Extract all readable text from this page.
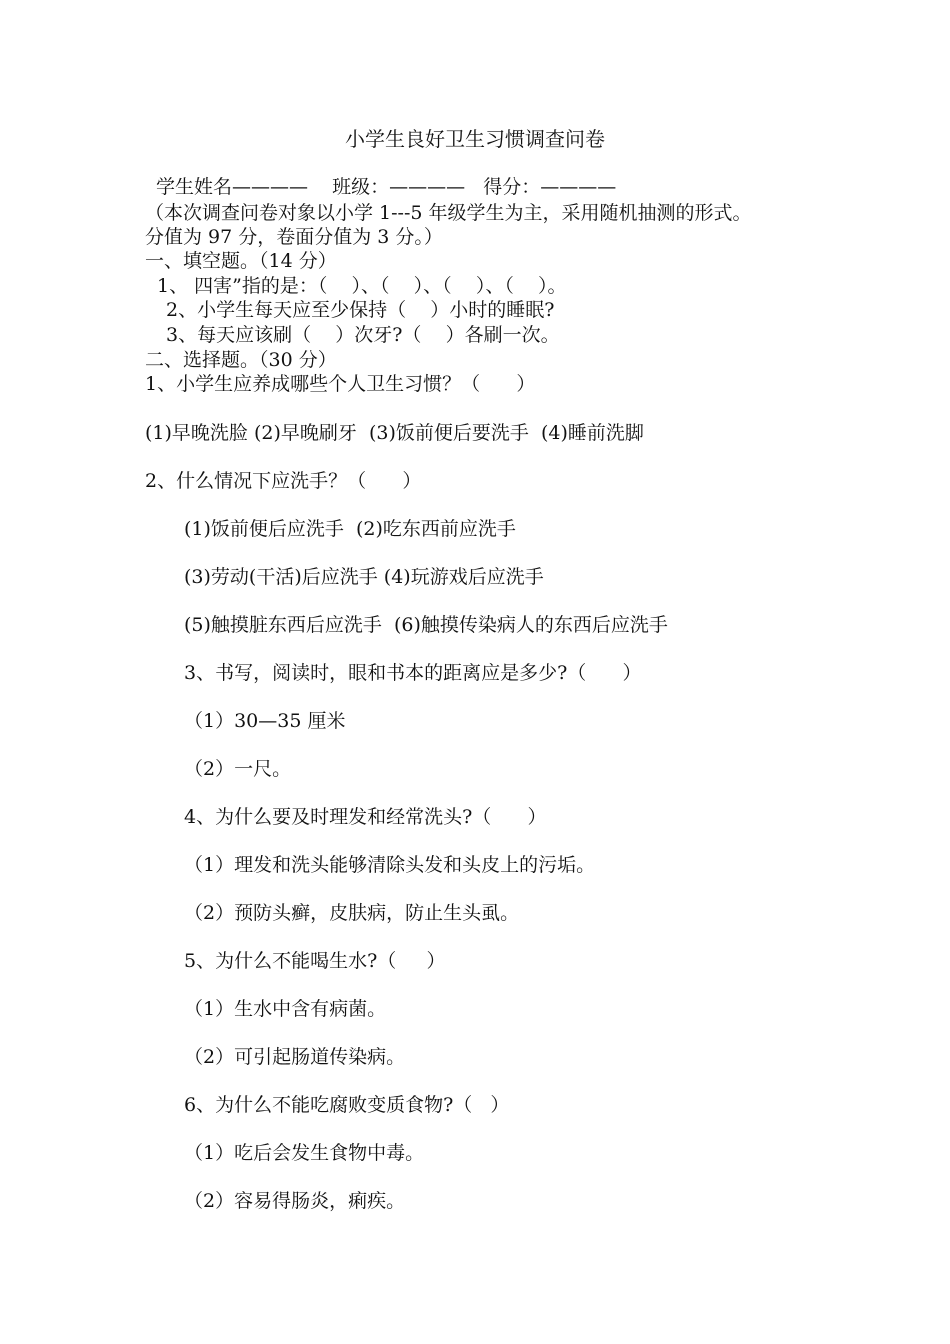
小学生良好卫生习惯调查问卷
学生姓名————    班级：————   得分：————
（本次调查问卷对象以小学 1---5 年级学生为主，采用随机抽测的形式。
分值为 97 分，卷面分值为 3 分。）
一、填空题。（14 分）
1、 四害”指的是：（    ）、（    ）、（    ）、（    ）。
2、小学生每天应至少保持（    ）小时的睡眠?
3、每天应该刷（    ）次牙?（    ）各刷一次。
二、选择题。（30 分）
1、小学生应养成哪些个人卫生习惯？（      ）
(1)早晚洗脸 (2)早晚刷牙  (3)饭前便后要洗手  (4)睡前洗脚
2、什么情况下应洗手？（      ）
(1)饭前便后应洗手  (2)吃东西前应洗手
(3)劳动(干活)后应洗手 (4)玩游戏后应洗手
(5)触摸脏东西后应洗手  (6)触摸传染病人的东西后应洗手
3、书写，阅读时，眼和书本的距离应是多少?（      ）
（1）30—35 厘米
（2）一尺。
4、为什么要及时理发和经常洗头?（      ）
（1）理发和洗头能够清除头发和头皮上的污垢。
（2）预防头癣，皮肤病，防止生头虱。
5、为什么不能喝生水?（     ）
（1）生水中含有病菌。
（2）可引起肠道传染病。
6、为什么不能吃腐败变质食物?（   ）
（1）吃后会发生食物中毒。
（2）容易得肠炎，痢疾。
